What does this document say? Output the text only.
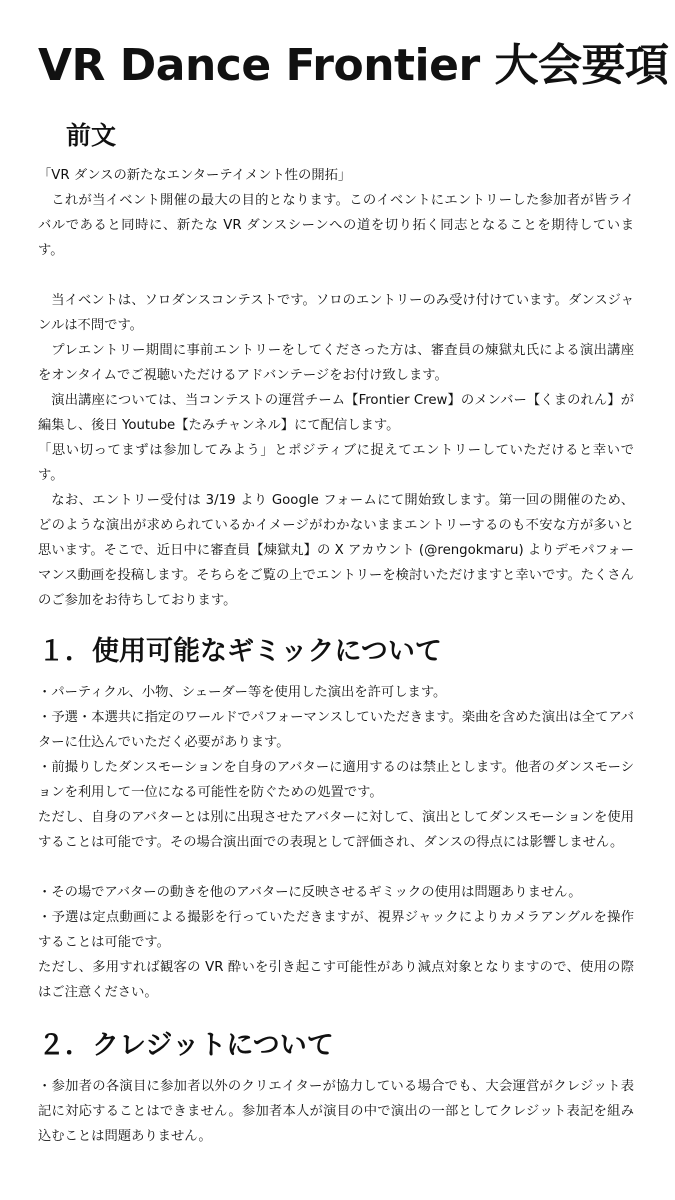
VR Dance Frontier 大会要項
前文

「VR ダンスの新たなエンターテイメント性の開拓」

これが当イベント開催の最大の目的となります。このイベントにエントリーした参加者が皆ライバルであると同時に、新たな VR ダンスシーンへの道を切り拓く同志となることを期待しています。

当イベントは、ソロダンスコンテストです。ソロのエントリーのみ受け付けています。ダンスジャンルは不問です。

プレエントリー期間に事前エントリーをしてくださった方は、審査員の煉獄丸氏による演出講座をオンタイムでご視聴いただけるアドバンテージをお付け致します。

演出講座については、当コンテストの運営チーム【Frontier Crew】のメンバー【くまのれん】が編集し、後日 Youtube【たみチャンネル】にて配信します。

「思い切ってまずは参加してみよう」とポジティブに捉えてエントリーしていただけると幸いです。

なお、エントリー受付は 3/19 より Google フォームにて開始致します。第一回の開催のため、どのような演出が求められているかイメージがわかないままエントリーするのも不安な方が多いと思います。そこで、近日中に審査員【煉獄丸】の X アカウント (@rengokmaru) よりデモパフォーマンス動画を投稿します。そちらをご覧の上でエントリーを検討いただけますと幸いです。たくさんのご参加をお待ちしております。

１．使用可能なギミックについて

・パーティクル、小物、シェーダー等を使用した演出を許可します。

・予選・本選共に指定のワールドでパフォーマンスしていただきます。楽曲を含めた演出は全てアバターに仕込んでいただく必要があります。

・前撮りしたダンスモーションを自身のアバターに適用するのは禁止とします。他者のダンスモーションを利用して一位になる可能性を防ぐための処置です。

ただし、自身のアバターとは別に出現させたアバターに対して、演出としてダンスモーションを使用することは可能です。その場合演出面での表現として評価され、ダンスの得点には影響しません。

・その場でアバターの動きを他のアバターに反映させるギミックの使用は問題ありません。

・予選は定点動画による撮影を行っていただきますが、視界ジャックによりカメラアングルを操作することは可能です。

ただし、多用すれば観客の VR 酔いを引き起こす可能性があり減点対象となりますので、使用の際はご注意ください。

２．クレジットについて

・参加者の各演目に参加者以外のクリエイターが協力している場合でも、大会運営がクレジット表記に対応することはできません。参加者本人が演目の中で演出の一部としてクレジット表記を組み込むことは問題ありません。
